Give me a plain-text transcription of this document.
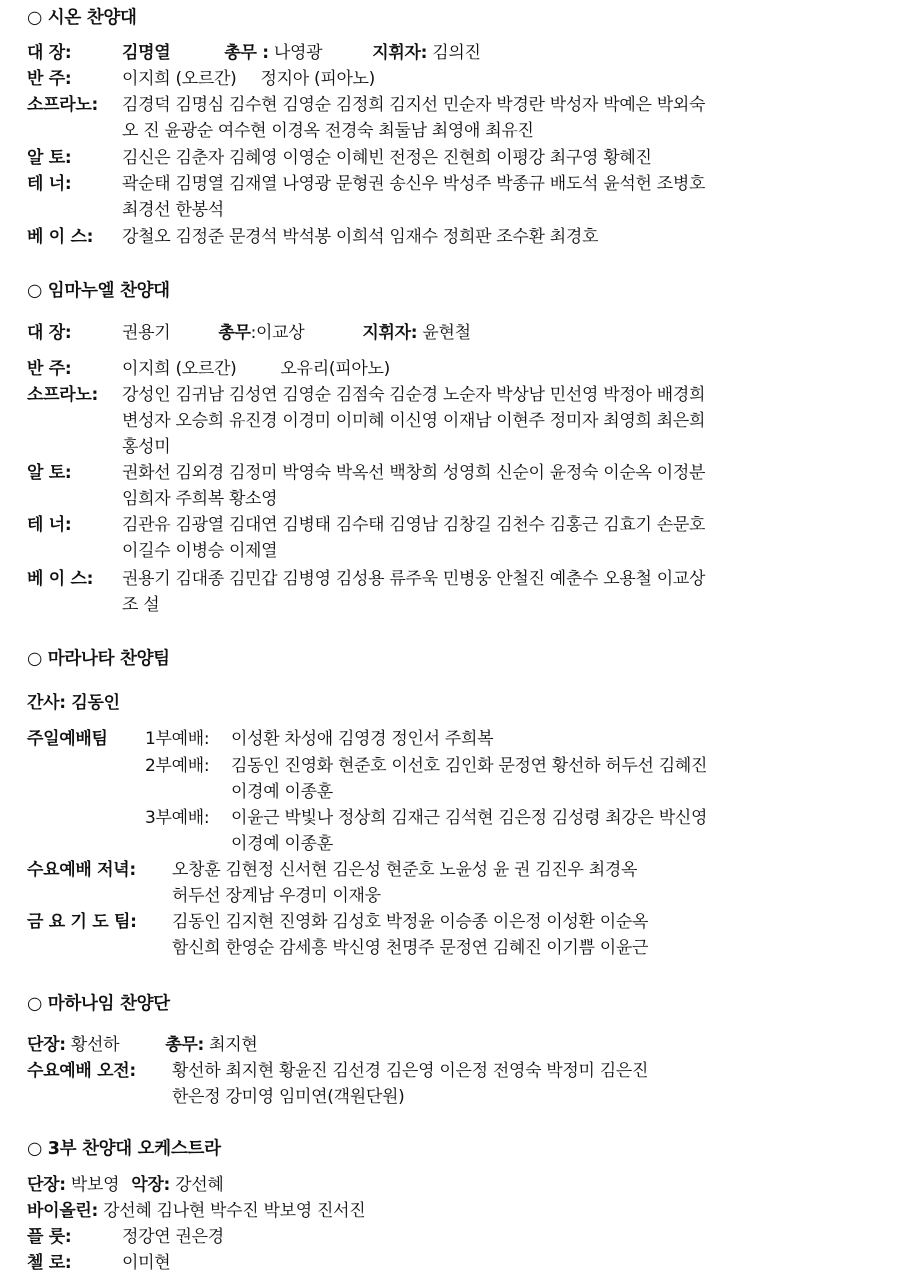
○ 시온 찬양대
대 장:	김명열	총무 : 나영광	지휘자: 김의진
반 주:	이지희 (오르간) 정지아 (피아노)
소프라노: 김경덕 김명심 김수현 김영순 김정희 김지선 민순자 박경란 박성자 박예은 박외숙
오 진 윤광순 여수현 이경옥 전경숙 최둘남 최영애 최유진
알 토:	김신은 김춘자 김혜영 이영순 이혜빈 전정은 진현희 이평강 최구영 황혜진
테 너:	곽순태 김명열 김재열 나영광 문형권 송신우 박성주 박종규 배도석 윤석헌 조병호
최경선 한봉석
베 이 스: 강철오 김정준 문경석 박석봉 이희석 임재수 정희판 조수환 최경호
○ 임마누엘 찬양대
대 장:	권용기	총무:이교상	지휘자: 윤현철
반 주:	이지희 (오르간)	오유리(피아노)
소프라노: 강성인 김귀남 김성연 김영순 김점숙 김순경 노순자 박상남 민선영 박정아 배경희
변성자 오승희 유진경 이경미 이미혜 이신영 이재남 이현주 정미자 최영희 최은희
홍성미
알 토:	권화선 김외경 김정미 박영숙 박옥선 백창희 성영희 신순이 윤정숙 이순옥 이정분
임희자 주희복 황소영
테 너:	김관유 김광열 김대연 김병태 김수태 김영남 김창길 김천수 김홍근 김효기 손문호
이길수 이병승 이제열
베 이 스: 권용기 김대종 김민갑 김병영 김성용 류주욱 민병웅 안철진 예춘수 오용철 이교상
조 설
○ 마라나타 찬양팀
간사: 김동인
주일예배팀 1부예배: 이성환 차성애 김영경 정인서 주희복
2부예배: 김동인 진영화 현준호 이선호 김인화 문정연 황선하 허두선 김혜진
이경예 이종훈
3부예배: 이윤근 박빛나 정상희 김재근 김석현 김은정 김성령 최강은 박신영
이경예 이종훈
수요예배 저녁: 오창훈 김현정 신서현 김은성 현준호 노윤성 윤 권 김진우 최경옥
허두선 장계남 우경미 이재웅
금 요 기 도 팀: 김동인 김지현 진영화 김성호 박정윤 이승종 이은정 이성환 이순옥
함신희 한영순 감세흥 박신영 천명주 문정연 김혜진 이기쁨 이윤근
○ 마하나임 찬양단
단장: 황선하	총무: 최지현
수요예배 오전: 황선하 최지현 황윤진 김선경 김은영 이은정 전영숙 박정미 김은진
한은정 강미영 임미연(객원단원)
○ 3부 찬양대 오케스트라
단장: 박보영 악장: 강선혜
바이올린: 강선혜 김나현 박수진 박보영 진서진
플 룻:	정강연 권은경
첼 로:	이미현
